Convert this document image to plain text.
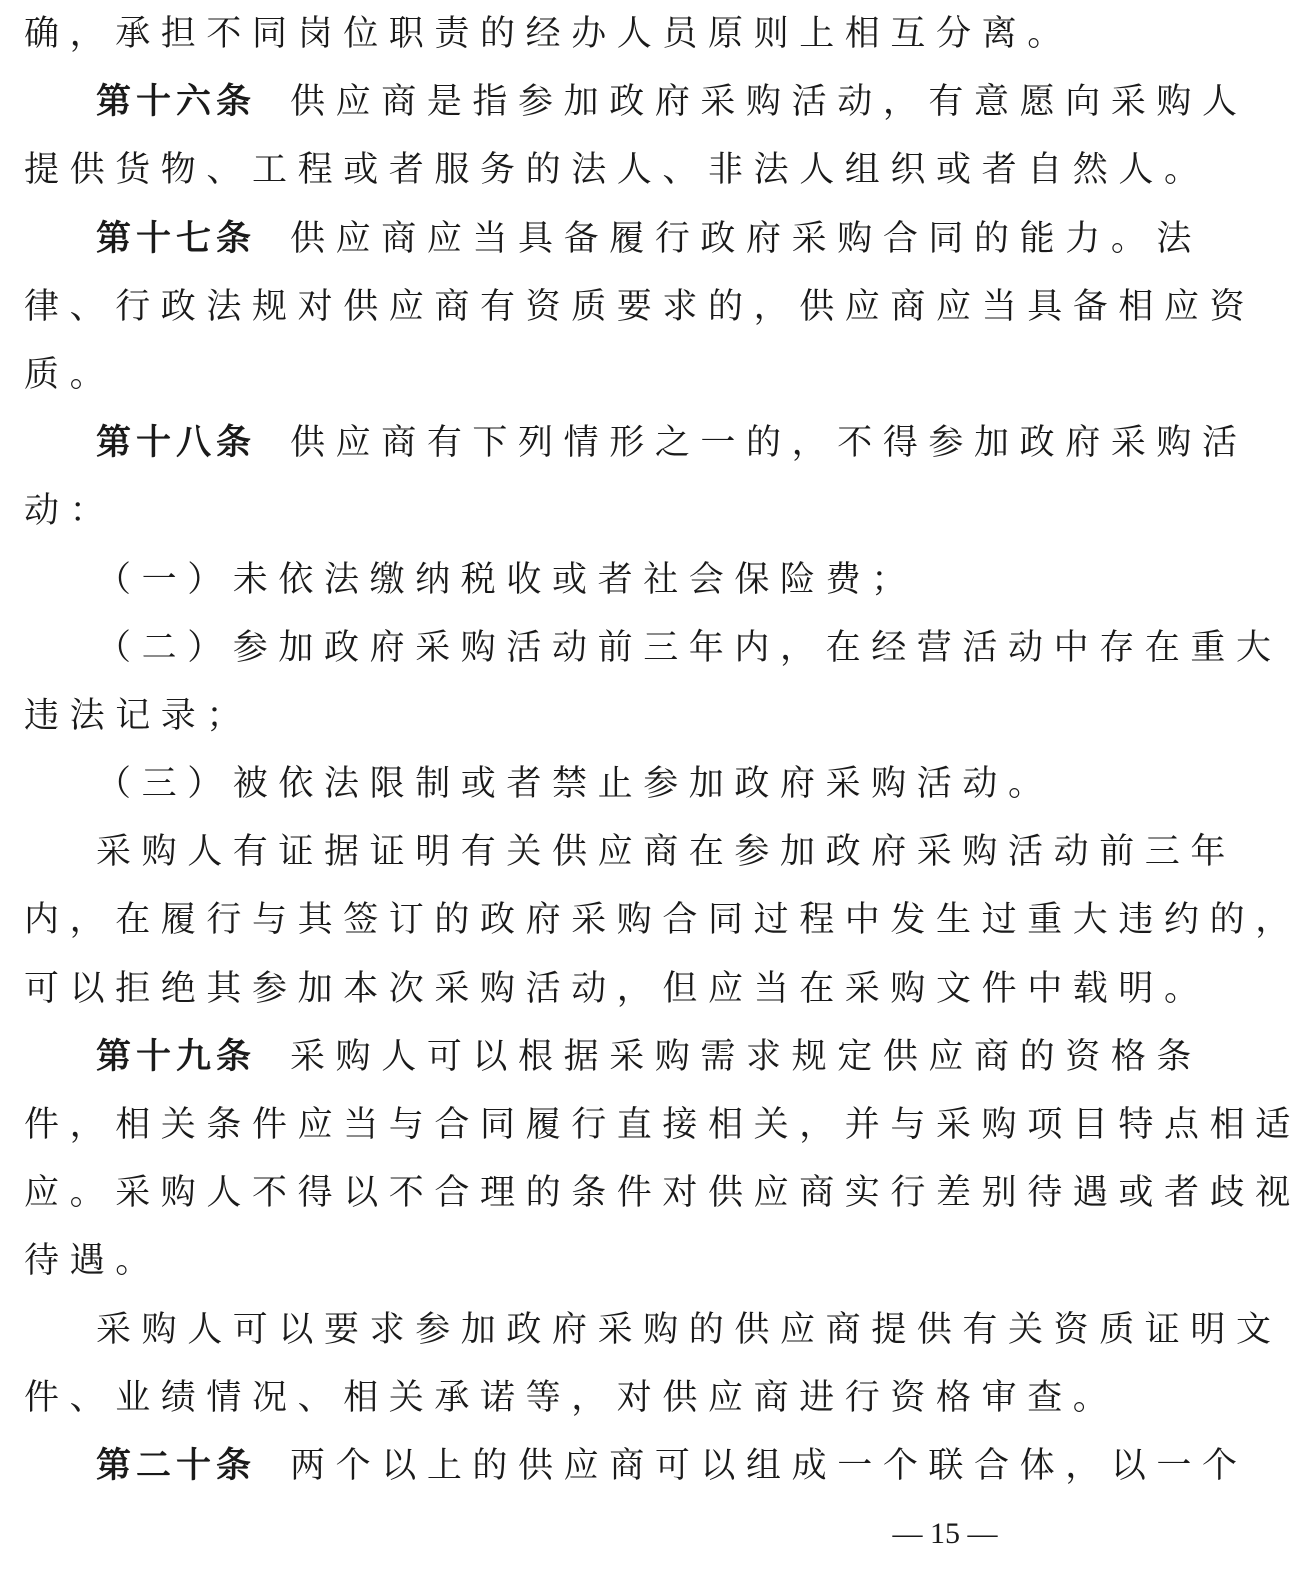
确，承担不同岗位职责的经办人员原则上相互分离。
第十六条 供应商是指参加政府采购活动，有意愿向采购人
提供货物、工程或者服务的法人、非法人组织或者自然人。
第十七条 供应商应当具备履行政府采购合同的能力。法
律、行政法规对供应商有资质要求的，供应商应当具备相应资
质。
第十八条 供应商有下列情形之一的，不得参加政府采购活
动：
（一）未依法缴纳税收或者社会保险费；
（二）参加政府采购活动前三年内，在经营活动中存在重大
违法记录；
（三）被依法限制或者禁止参加政府采购活动。
采购人有证据证明有关供应商在参加政府采购活动前三年
内，在履行与其签订的政府采购合同过程中发生过重大违约的，
可以拒绝其参加本次采购活动，但应当在采购文件中载明。
第十九条 采购人可以根据采购需求规定供应商的资格条
件，相关条件应当与合同履行直接相关，并与采购项目特点相适
应。采购人不得以不合理的条件对供应商实行差别待遇或者歧视
待遇。
采购人可以要求参加政府采购的供应商提供有关资质证明文
件、业绩情况、相关承诺等，对供应商进行资格审查。
第二十条 两个以上的供应商可以组成一个联合体，以一个
— 15 —
